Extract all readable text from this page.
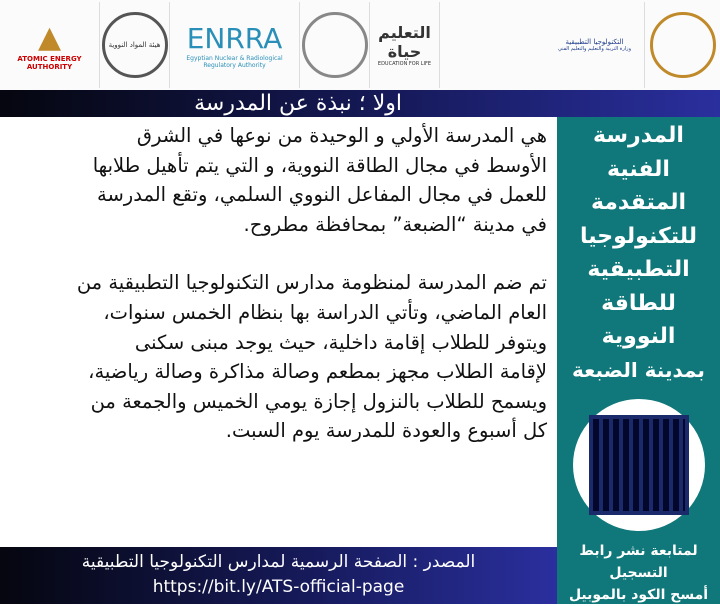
▲
ATOMIC ENERGY AUTHORITY
هيئة المواد النووية ENRRA
Egyptian Nuclear & Radiological Regulatory Authority
التعليم حياة
EDUCATION FOR LIFE
التكنولوجيا التطبيقية
وزارة التربية والتعليم والتعليم الفني
اولا ؛ نبذة عن المدرسة

هي المدرسة الأولي و الوحيدة من نوعها في الشرق
الأوسط في مجال الطاقة النووية، و التي يتم تأهيل طلابها
للعمل في مجال المفاعل النووي السلمي، وتقع المدرسة
في مدينة “الضبعة” بمحافظة مطروح.

تم ضم المدرسة لمنظومة مدارس التكنولوجيا التطبيقية من
العام الماضي، وتأتي الدراسة بها بنظام الخمس سنوات،
ويتوفر للطلاب إقامة داخلية، حيث يوجد مبنى سكنى
لإقامة الطلاب مجهز بمطعم وصالة مذاكرة وصالة رياضية،
ويسمح للطلاب بالنزول إجازة يومي الخميس والجمعة من
كل أسبوع والعودة للمدرسة يوم السبت.

المدرسة
الفنية
المتقدمة
للتكنولوجيا
التطبيقية
للطاقة
النووية
بمدينة الضبعة
لمتابعة نشر رابط التسجيل
أمسح الكود بالموبيل
المصدر : الصفحة الرسمية لمدارس التكنولوجيا التطبيقية
https://bit.ly/ATS-official-page
